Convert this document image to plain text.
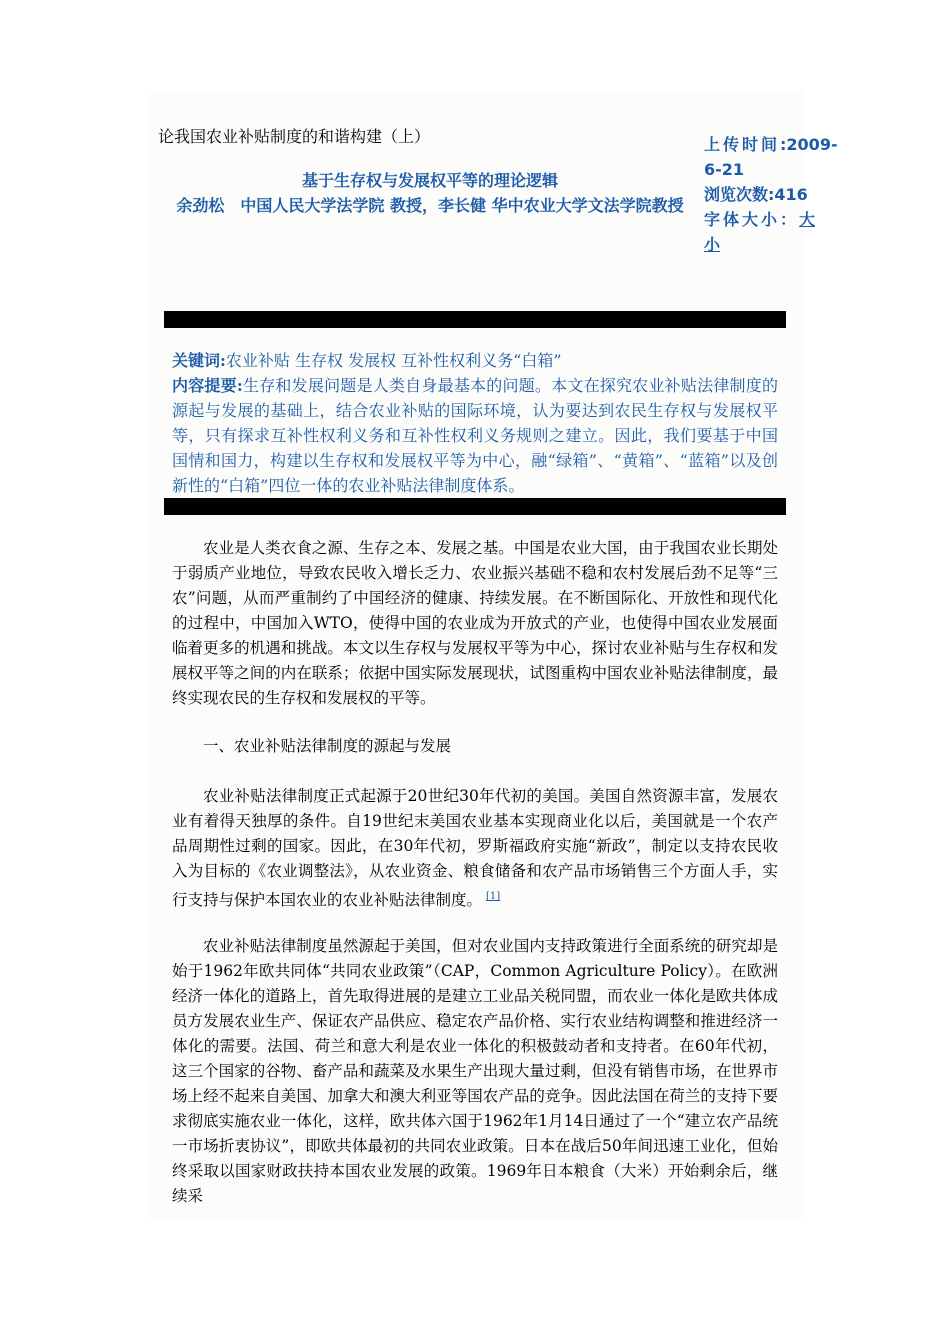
论我国农业补贴制度的和谐构建（上）
基于生存权与发展权平等的理论逻辑
余劲松　中国人民大学法学院 教授，李长健 华中农业大学文法学院教授
上传时间:2009-6-21
浏览次数:416
字体大小：大
小
关键词:农业补贴 生存权 发展权 互补性权利义务“白箱”
内容提要:生存和发展问题是人类自身最基本的问题。本文在探究农业补贴法律制度的源起与发展的基础上，结合农业补贴的国际环境，认为要达到农民生存权与发展权平等，只有探求互补性权利义务和互补性权利义务规则之建立。因此，我们要基于中国国情和国力，构建以生存权和发展权平等为中心，融“绿箱”、“黄箱”、“蓝箱”以及创新性的“白箱”四位一体的农业补贴法律制度体系。

农业是人类衣食之源、生存之本、发展之基。中国是农业大国，由于我国农业长期处于弱质产业地位，导致农民收入增长乏力、农业振兴基础不稳和农村发展后劲不足等“三农”问题，从而严重制约了中国经济的健康、持续发展。在不断国际化、开放性和现代化的过程中，中国加入WTO，使得中国的农业成为开放式的产业，也使得中国农业发展面临着更多的机遇和挑战。本文以生存权与发展权平等为中心，探讨农业补贴与生存权和发展权平等之间的内在联系；依据中国实际发展现状，试图重构中国农业补贴法律制度，最终实现农民的生存权和发展权的平等。

一、农业补贴法律制度的源起与发展

农业补贴法律制度正式起源于20世纪30年代初的美国。美国自然资源丰富，发展农业有着得天独厚的条件。自19世纪末美国农业基本实现商业化以后，美国就是一个农产品周期性过剩的国家。因此，在30年代初，罗斯福政府实施“新政”，制定以支持农民收入为目标的《农业调整法》，从农业资金、粮食储备和农产品市场销售三个方面人手，实行支持与保护本国农业的农业补贴法律制度。 [1]

农业补贴法律制度虽然源起于美国，但对农业国内支持政策进行全面系统的研究却是始于1962年欧共同体“共同农业政策”（CAP，Common Agriculture Policy）。在欧洲经济一体化的道路上，首先取得进展的是建立工业品关税同盟，而农业一体化是欧共体成员方发展农业生产、保证农产品供应、稳定农产品价格、实行农业结构调整和推进经济一体化的需要。法国、荷兰和意大利是农业一体化的积极鼓动者和支持者。在60年代初，这三个国家的谷物、畜产品和蔬菜及水果生产出现大量过剩，但没有销售市场，在世界市场上经不起来自美国、加拿大和澳大利亚等国农产品的竞争。因此法国在荷兰的支持下要求彻底实施农业一体化，这样，欧共体六国于1962年1月14日通过了一个“建立农产品统一市场折衷协议”，即欧共体最初的共同农业政策。日本在战后50年间迅速工业化，但始终采取以国家财政扶持本国农业发展的政策。1969年日本粮食（大米）开始剩余后，继续采
